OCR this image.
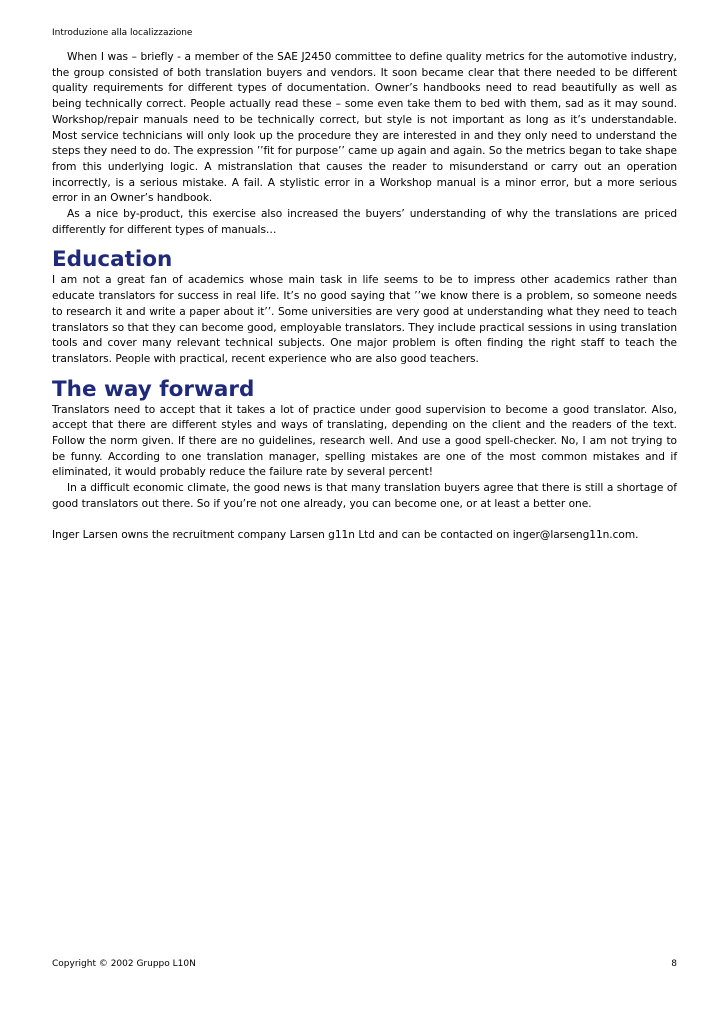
Introduzione alla localizzazione

When I was – briefly - a member of the SAE J2450 committee to define quality metrics for the automotive industry, the group consisted of both translation buyers and vendors. It soon became clear that there needed to be different quality requirements for different types of documentation. Owner’s handbooks need to read beautifully as well as being technically correct. People actually read these – some even take them to bed with them, sad as it may sound. Workshop/repair manuals need to be technically correct, but style is not important as long as it’s understandable. Most service technicians will only look up the procedure they are interested in and they only need to understand the steps they need to do. The expression ’’fit for purpose’’ came up again and again. So the metrics began to take shape from this underlying logic. A mistranslation that causes the reader to misunderstand or carry out an operation incorrectly, is a serious mistake. A fail. A stylistic error in a Workshop manual is a minor error, but a more serious error in an Owner’s handbook.

As a nice by-product, this exercise also increased the buyers’ understanding of why the translations are priced differently for different types of manuals…

Education

I am not a great fan of academics whose main task in life seems to be to impress other academics rather than educate translators for success in real life. It’s no good saying that ’’we know there is a problem, so someone needs to research it and write a paper about it’’. Some universities are very good at understanding what they need to teach translators so that they can become good, employable translators. They include practical sessions in using translation tools and cover many relevant technical subjects. One major problem is often finding the right staff to teach the translators. People with practical, recent experience who are also good teachers.

The way forward

Translators need to accept that it takes a lot of practice under good supervision to become a good translator. Also, accept that there are different styles and ways of translating, depending on the client and the readers of the text. Follow the norm given. If there are no guidelines, research well. And use a good spell-checker. No, I am not trying to be funny. According to one translation manager, spelling mistakes are one of the most common mistakes and if eliminated, it would probably reduce the failure rate by several percent!

In a difficult economic climate, the good news is that many translation buyers agree that there is still a shortage of good translators out there. So if you’re not one already, you can become one, or at least a better one.

Inger Larsen owns the recruitment company Larsen g11n Ltd and can be contacted on inger@larseng11n.com.

Copyright © 2002 Gruppo L10N	8
